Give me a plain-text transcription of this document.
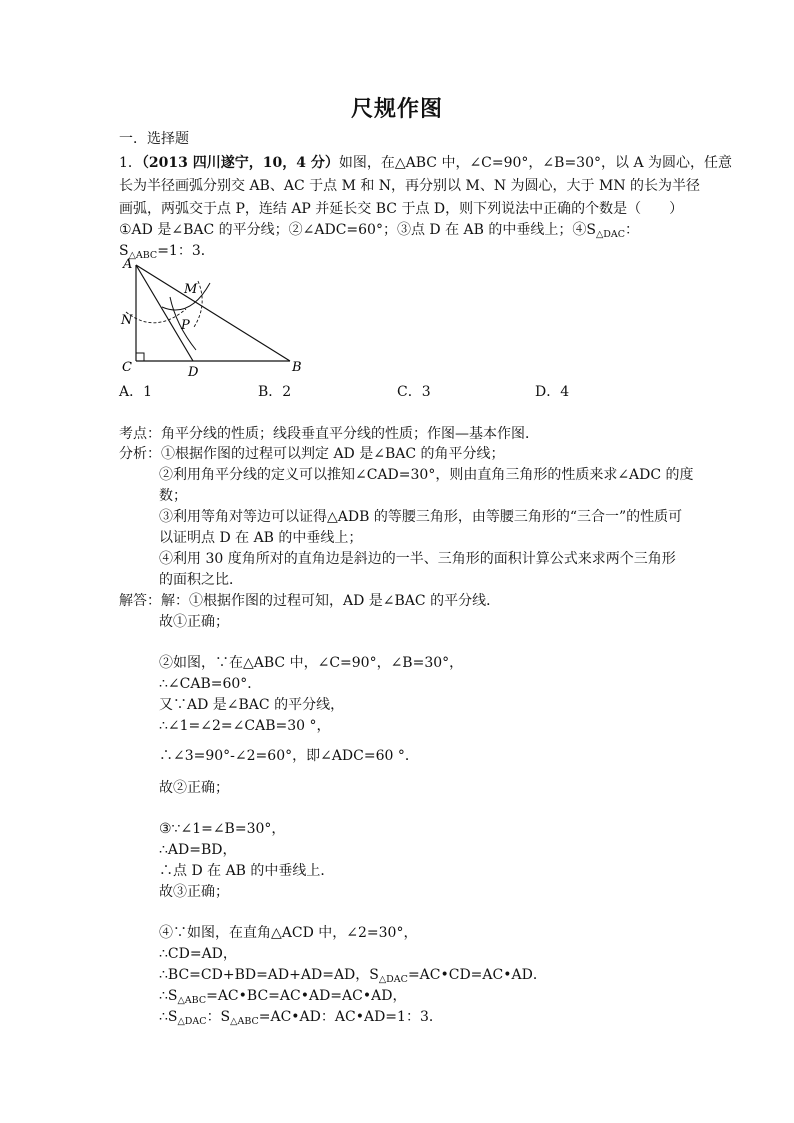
尺规作图
一．选择题
1．（2013 四川遂宁，10，4 分）如图，在△ABC 中，∠C=90°，∠B=30°，以 A 为圆心，任意
长为半径画弧分别交 AB、AC 于点 M 和 N，再分别以 M、N 为圆心，大于 MN 的长为半径
画弧，两弧交于点 P，连结 AP 并延长交 BC 于点 D，则下列说法中正确的个数是（　　）
①AD 是∠BAC 的平分线；②∠ADC=60°；③点 D 在 AB 的中垂线上；$④S_{\triangle DAC}$：
$S_{\triangle ABC}=1$：3．
A
C	D	B
M
N	P
A．1	B．2	C．3	D．4
考点：角平分线的性质；线段垂直平分线的性质；作图—基本作图．
分析：①根据作图的过程可以判定 AD 是∠BAC 的角平分线；
②利用角平分线的定义可以推知∠CAD=30°，则由直角三角形的性质来求∠ADC 的度
数；
③利用等角对等边可以证得△ADB 的等腰三角形，由等腰三角形的“三合一”的性质可
以证明点 D 在 AB 的中垂线上；
④利用 30 度角所对的直角边是斜边的一半、三角形的面积计算公式来求两个三角形
的面积之比．
解答：解：①根据作图的过程可知，AD 是∠BAC 的平分线．
故①正确；
②如图，∵在△ABC 中，∠C=90°，∠B=30°，
∴∠CAB=60°．
又∵AD 是∠BAC 的平分线，
∴∠1=∠2=∠CAB=30 °，
∴∠3=90°-∠2=60°，即∠ADC=60 °．
故②正确；
③∵∠1=∠B=30°，
∴AD=BD，
∴点 D 在 AB 的中垂线上．
故③正确；
④∵如图，在直角△ACD 中，∠2=30°，
∴CD=AD，
∴BC=CD+BD=AD+AD=AD，$S_{\triangle DAC}=AC•CD=AC•AD$．
$\therefore S_{\triangle ABC}=AC•BC=AC•AD=AC•AD$，
$\therefore S_{\triangle DAC}$：$S_{\triangle ABC}=AC•AD$：AC•AD=1：3．
